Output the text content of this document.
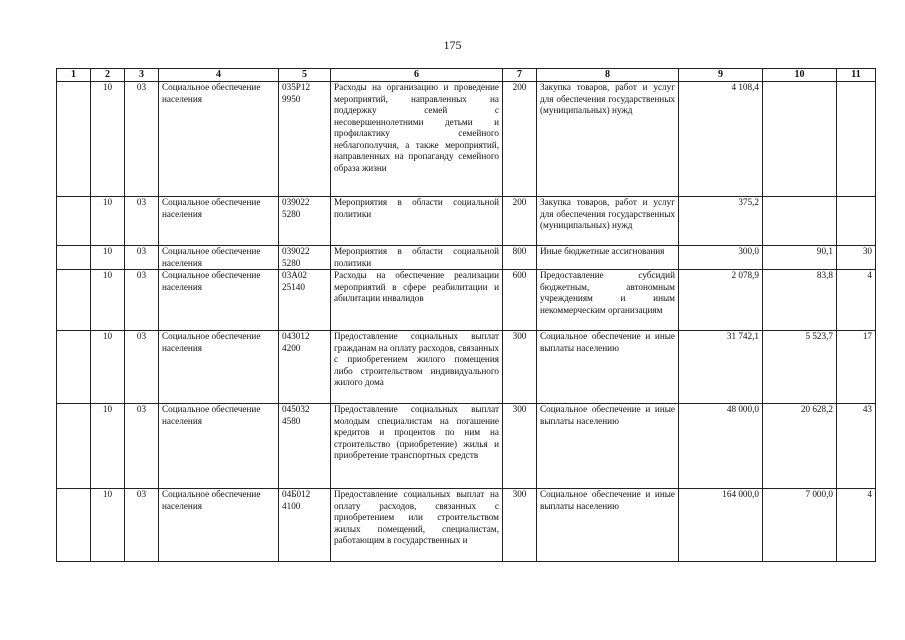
175
1	2	3	4	5	6	7	8	9	10	11
	10	03	Социальное обеспечение населения	035Р12 9950	Расходы на организацию и проведение мероприятий, направленных на поддержку семей с несовершеннолетними детьми и профилактику семейного неблагополучия, а также мероприятий, направленных на пропаганду семейного образа жизни	200	Закупка товаров, работ и услуг для обеспечения государственных (муниципальных) нужд	4 108,4		
	10	03	Социальное обеспечение населения	039022 5280	Мероприятия в области социальной политики	200	Закупка товаров, работ и услуг для обеспечения государственных (муниципальных) нужд	375,2		
	10	03	Социальное обеспечение населения	039022 5280	Мероприятия в области социальной политики	800	Иные бюджетные ассигнования	300,0	90,1	30
	10	03	Социальное обеспечение населения	03А02 25140	Расходы на обеспечение реализации мероприятий в сфере реабилитации и абилитации инвалидов	600	Предоставление субсидий бюджетным, автономным учреждениям и иным некоммерческим организациям	2 078,9	83,8	4
	10	03	Социальное обеспечение населения	043012 4200	Предоставление социальных выплат гражданам на оплату расходов, связанных с приобретением жилого помещения либо строительством индивидуального жилого дома	300	Социальное обеспечение и иные выплаты населению	31 742,1	5 523,7	17
	10	03	Социальное обеспечение населения	045032 4580	Предоставление социальных выплат молодым специалистам на погашение кредитов и процентов по ним на строительство (приобретение) жилья и приобретение транспортных средств	300	Социальное обеспечение и иные выплаты населению	48 000,0	20 628,2	43
	10	03	Социальное обеспечение населения	04Б012 4100	Предоставление социальных выплат на оплату расходов, связанных с приобретением или строительством жилых помещений, специалистам, работающим в государственных и	300	Социальное обеспечение и иные выплаты населению	164 000,0	7 000,0	4
